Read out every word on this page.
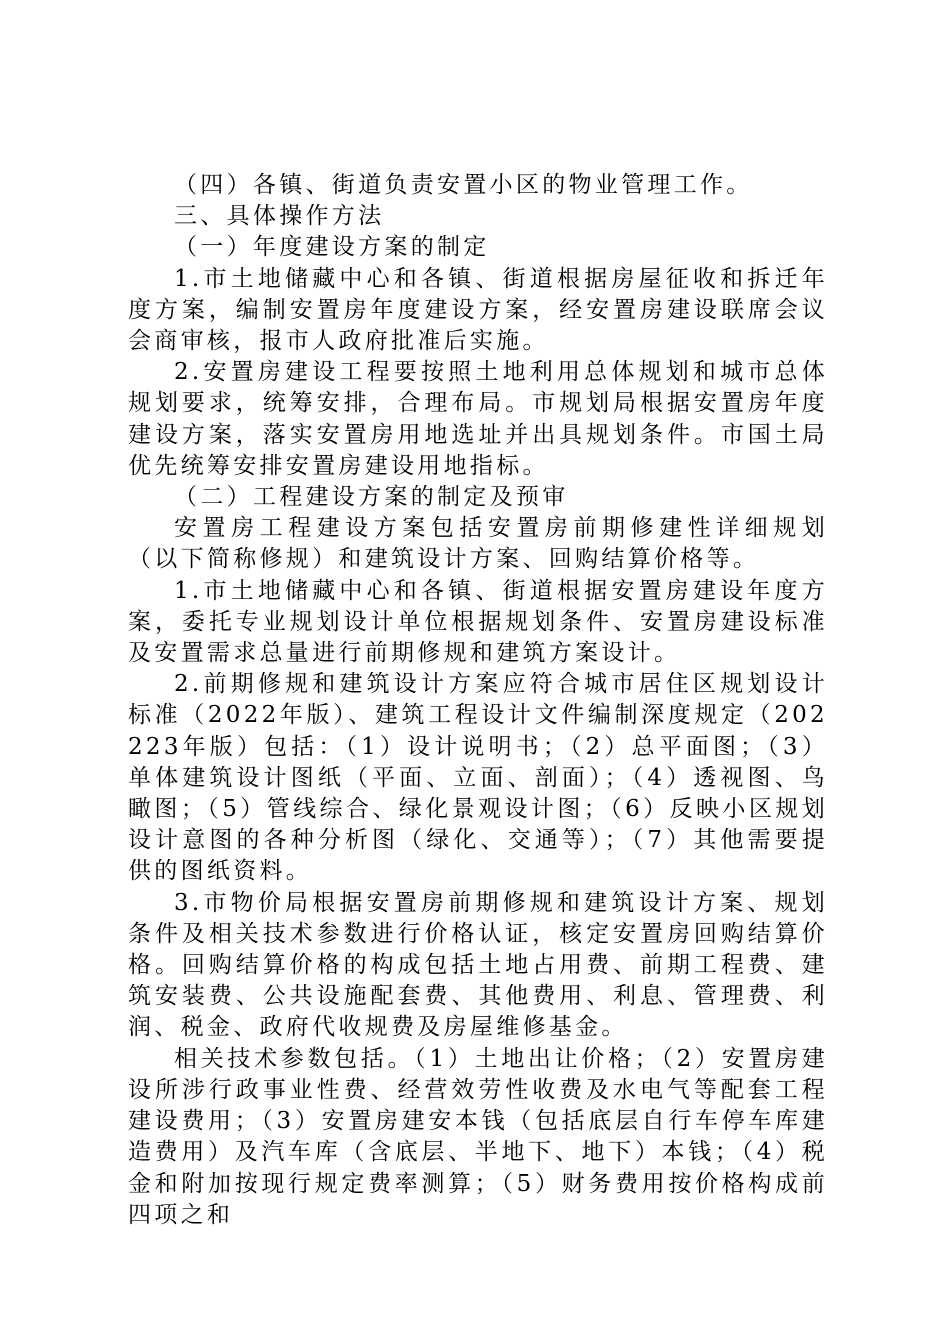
（四）各镇、街道负责安置小区的物业管理工作。

三、具体操作方法

（一）年度建设方案的制定

1.市土地储藏中心和各镇、街道根据房屋征收和拆迁年度方案，编制安置房年度建设方案，经安置房建设联席会议会商审核，报市人政府批准后实施。

2.安置房建设工程要按照土地利用总体规划和城市总体规划要求，统筹安排，合理布局。市规划局根据安置房年度建设方案，落实安置房用地选址并出具规划条件。市国土局优先统筹安排安置房建设用地指标。

（二）工程建设方案的制定及预审

安置房工程建设方案包括安置房前期修建性详细规划（以下简称修规）和建筑设计方案、回购结算价格等。

1.市土地储藏中心和各镇、街道根据安置房建设年度方案，委托专业规划设计单位根据规划条件、安置房建设标准及安置需求总量进行前期修规和建筑方案设计。

2.前期修规和建筑设计方案应符合城市居住区规划设计标准（2022年版）、建筑工程设计文件编制深度规定（202223年版）包括：（1）设计说明书；（2）总平面图；（3）单体建筑设计图纸（平面、立面、剖面）；（4）透视图、鸟瞰图；（5）管线综合、绿化景观设计图；（6）反映小区规划设计意图的各种分析图（绿化、交通等）；（7）其他需要提供的图纸资料。

3.市物价局根据安置房前期修规和建筑设计方案、规划条件及相关技术参数进行价格认证，核定安置房回购结算价格。回购结算价格的构成包括土地占用费、前期工程费、建筑安装费、公共设施配套费、其他费用、利息、管理费、利润、税金、政府代收规费及房屋维修基金。

相关技术参数包括。（1）土地出让价格；（2）安置房建设所涉行政事业性费、经营效劳性收费及水电气等配套工程建设费用；（3）安置房建安本钱（包括底层自行车停车库建造费用）及汽车库（含底层、半地下、地下）本钱；（4）税金和附加按现行规定费率测算；（5）财务费用按价格构成前四项之和
